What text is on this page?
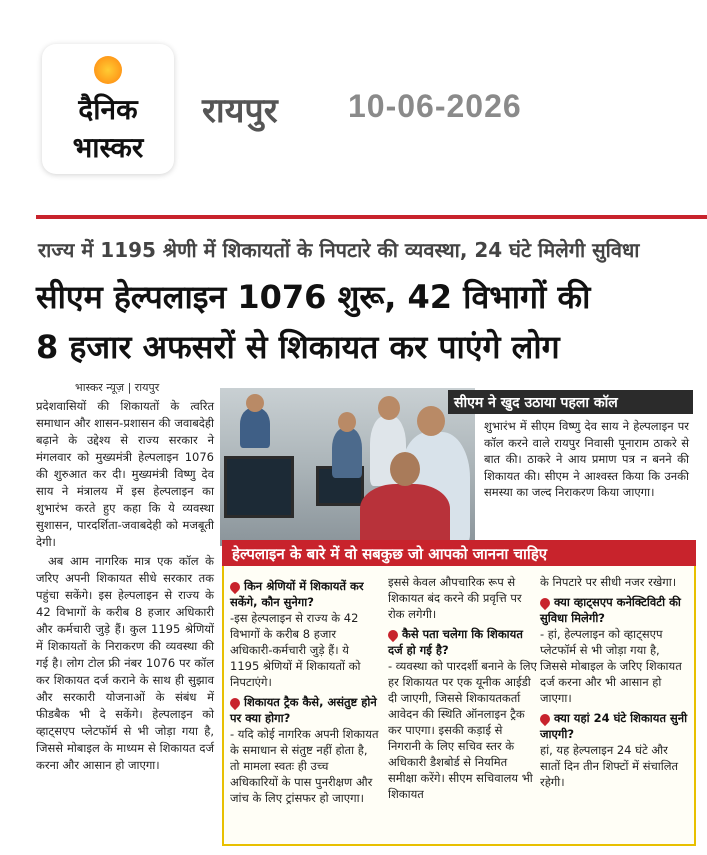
दैनिक
भास्कर
रायपुर 10-06-2026
राज्य में 1195 श्रेणी में शिकायतों के निपटारे की व्यवस्था, 24 घंटे मिलेगी सुविधा
सीएम हेल्पलाइन 1076 शुरू, 42 विभागों की
8 हजार अफसरों से शिकायत कर पाएंगे लोग
भास्कर न्यूज़ | रायपुर

प्रदेशवासियों की शिकायतों के त्वरित समाधान और शासन-प्रशासन की जवाबदेही बढ़ाने के उद्देश्य से राज्य सरकार ने मंगलवार को मुख्यमंत्री हेल्पलाइन 1076 की शुरुआत कर दी। मुख्यमंत्री विष्णु देव साय ने मंत्रालय में इस हेल्पलाइन का शुभारंभ करते हुए कहा कि ये व्यवस्था सुशासन, पारदर्शिता-जवाबदेही को मजबूती देगी।

अब आम नागरिक मात्र एक कॉल के जरिए अपनी शिकायत सीधे सरकार तक पहुंचा सकेंगे। इस हेल्पलाइन से राज्य के 42 विभागों के करीब 8 हजार अधिकारी और कर्मचारी जुड़े हैं। कुल 1195 श्रेणियों में शिकायतों के निराकरण की व्यवस्था की गई है। लोग टोल फ्री नंबर 1076 पर कॉल कर शिकायत दर्ज कराने के साथ ही सुझाव और सरकारी योजनाओं के संबंध में फीडबैक भी दे सकेंगे। हेल्पलाइन को व्हाट्सएप प्लेटफॉर्म से भी जोड़ा गया है, जिससे मोबाइल के माध्यम से शिकायत दर्ज करना और आसान हो जाएगा।

सीएम ने खुद उठाया पहला कॉल
शुभारंभ में सीएम विष्णु देव साय ने हेल्पलाइन पर कॉल करने वाले रायपुर निवासी पूनाराम ठाकरे से बात की। ठाकरे ने आय प्रमाण पत्र न बनने की शिकायत की। सीएम ने आश्वस्त किया कि उनकी समस्या का जल्द निराकरण किया जाएगा।
हेल्पलाइन के बारे में वो सबकुछ जो आपको जानना चाहिए
किन श्रेणियों में शिकायतें कर सकेंगे, कौन सुनेगा?
-इस हेल्पलाइन से राज्य के 42 विभागों के करीब 8 हजार अधिकारी-कर्मचारी जुड़े हैं। ये 1195 श्रेणियों में शिकायतों को निपटाएंगे।
शिकायत ट्रैक कैसे, असंतुष्ट होने पर क्या होगा?
- यदि कोई नागरिक अपनी शिकायत के समाधान से संतुष्ट नहीं होता है, तो मामला स्वतः ही उच्च अधिकारियों के पास पुनरीक्षण और जांच के लिए ट्रांसफर हो जाएगा।
इससे केवल औपचारिक रूप से शिकायत बंद करने की प्रवृत्ति पर रोक लगेगी।
कैसे पता चलेगा कि शिकायत दर्ज हो गई है?
- व्यवस्था को पारदर्शी बनाने के लिए हर शिकायत पर एक यूनीक आईडी दी जाएगी, जिससे शिकायतकर्ता आवेदन की स्थिति ऑनलाइन ट्रैक कर पाएगा। इसकी कड़ाई से निगरानी के लिए सचिव स्तर के अधिकारी डैशबोर्ड से नियमित समीक्षा करेंगे। सीएम सचिवालय भी शिकायत
के निपटारे पर सीधी नजर रखेगा।
क्या व्हाट्सएप कनेक्टिविटी की सुविधा मिलेगी?
- हां, हेल्पलाइन को व्हाट्सएप प्लेटफॉर्म से भी जोड़ा गया है, जिससे मोबाइल के जरिए शिकायत दर्ज करना और भी आसान हो जाएगा।
क्या यहां 24 घंटे शिकायत सुनी जाएगी?
हां, यह हेल्पलाइन 24 घंटे और सातों दिन तीन शिफ्टों में संचालित रहेगी।
